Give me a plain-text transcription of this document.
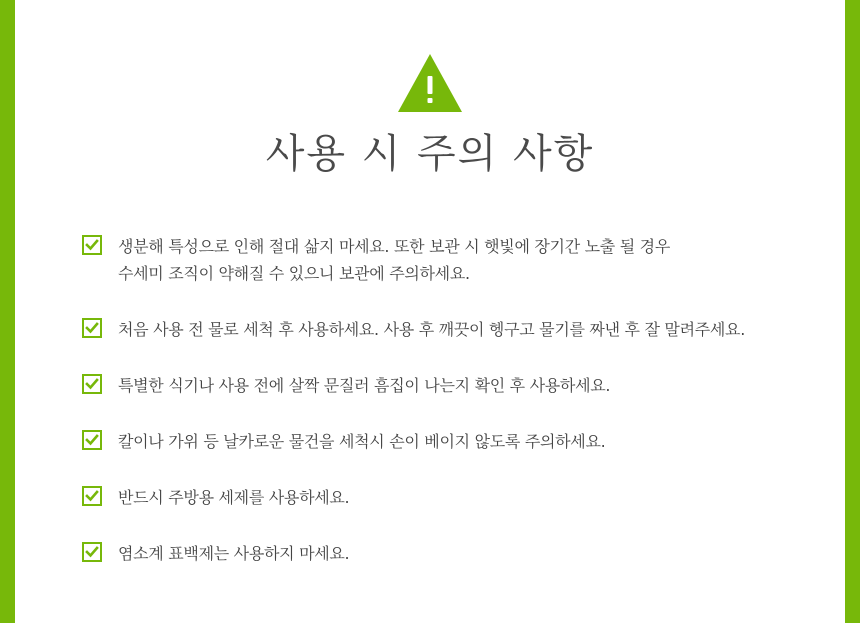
사용 시 주의 사항
생분해 특성으로 인해 절대 삶지 마세요. 또한 보관 시 햇빛에 장기간 노출 될 경우
수세미 조직이 약해질 수 있으니 보관에 주의하세요.
처음 사용 전 물로 세척 후 사용하세요. 사용 후 깨끗이 헹구고 물기를 짜낸 후 잘 말려주세요.
특별한 식기나 사용 전에 살짝 문질러 흠집이 나는지 확인 후 사용하세요.
칼이나 가위 등 날카로운 물건을 세척시 손이 베이지 않도록 주의하세요.
반드시 주방용 세제를 사용하세요.
염소계 표백제는 사용하지 마세요.
